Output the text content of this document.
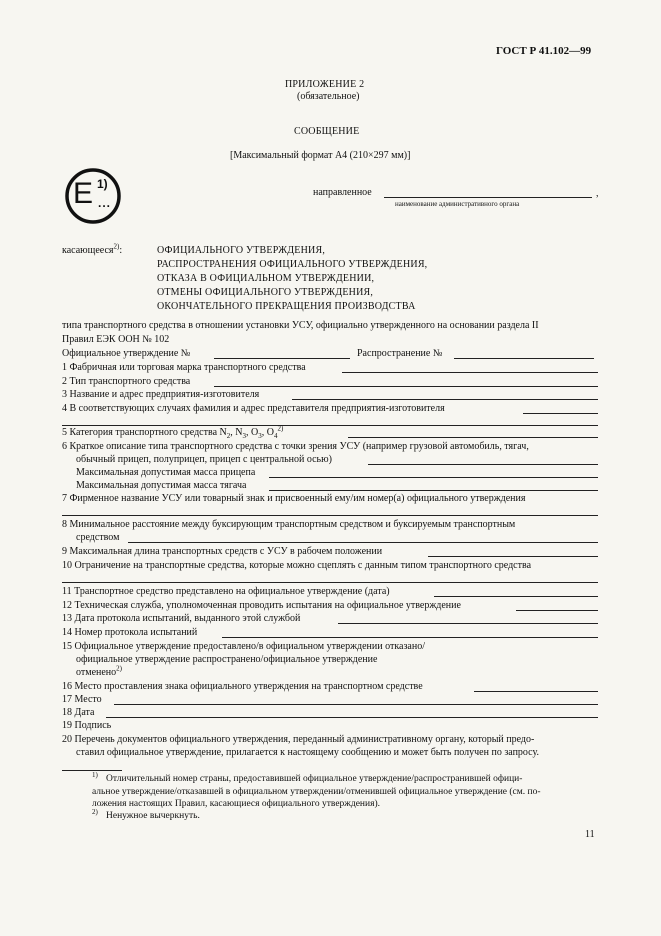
ГОСТ Р 41.102—99
ПРИЛОЖЕНИЕ 2
(обязательное)
СООБЩЕНИЕ
[Максимальный формат А4 (210×297 мм)]
E 1)
...
направленное	,
наименование административного органа
касающееся$^{2)}$:	ОФИЦИАЛЬНОГО УТВЕРЖДЕНИЯ,
РАСПРОСТРАНЕНИЯ ОФИЦИАЛЬНОГО УТВЕРЖДЕНИЯ,
ОТКАЗА В ОФИЦИАЛЬНОМ УТВЕРЖДЕНИИ,
ОТМЕНЫ ОФИЦИАЛЬНОГО УТВЕРЖДЕНИЯ,
ОКОНЧАТЕЛЬНОГО ПРЕКРАЩЕНИЯ ПРОИЗВОДСТВА
типа транспортного средства в отношении установки УСУ, официально утвержденного на основании раздела II
Правил ЕЭК ООН № 102
Официальное утверждение №	Распространение №
1 Фабричная или торговая марка транспортного средства
2 Тип транспортного средства
3 Название и адрес предприятия-изготовителя
4 В соответствующих случаях фамилия и адрес представителя предприятия-изготовителя
5 Категория транспортного средства $N_2$, $N_3$, $O_3$, $O_4^{2)}$
6 Краткое описание типа транспортного средства с точки зрения УСУ (например грузовой автомобиль, тягач,
обычный прицеп, полуприцеп, прицеп с центральной осью)
Максимальная допустимая масса прицепа
Максимальная допустимая масса тягача
7 Фирменное название УСУ или товарный знак и присвоенный ему/им номер(а) официального утверждения
8 Минимальное расстояние между буксирующим транспортным средством и буксируемым транспортным
средством
9 Максимальная длина транспортных средств с УСУ в рабочем положении
10 Ограничение на транспортные средства, которые можно сцеплять с данным типом транспортного средства
11 Транспортное средство представлено на официальное утверждение (дата)
12 Техническая служба, уполномоченная проводить испытания на официальное утверждение
13 Дата протокола испытаний, выданного этой службой
14 Номер протокола испытаний
15 Официальное утверждение предоставлено/в официальном утверждении отказано/
официальное утверждение распространено/официальное утверждение
отменено$^{2)}$
16 Место проставления знака официального утверждения на транспортном средстве
17 Место
18 Дата
19 Подпись
20 Перечень документов официального утверждения, переданный административному органу, который предо-
ставил официальное утверждение, прилагается к настоящему сообщению и может быть получен по запросу.
1) Отличительный номер страны, предоставившей официальное утверждение/распространившей офици-
альное утверждение/отказавшей в официальном утверждении/отменившей официальное утверждение (см. по-
ложения настоящих Правил, касающиеся официального утверждения).
2) Ненужное вычеркнуть.
11
